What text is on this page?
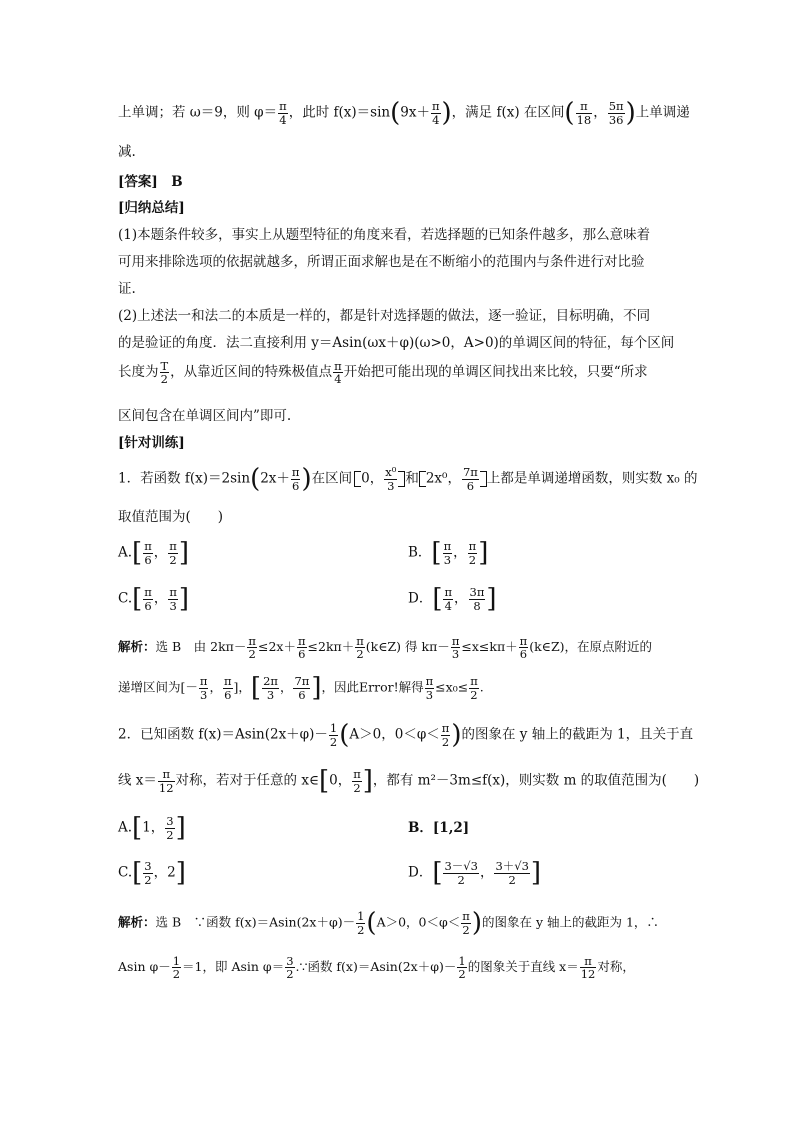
上单调；若 ω＝9，则 $\varphi= \frac{\pi}{4}$ ，此时 $f(x)=\sin(9x+ \frac{\pi}{4}$ )，满足 f(x) 在区间( $\frac{\pi}{18}$ ， $\frac{5\pi}{36}$ )上单调递
减.
[答案]　 B
[归纳总结]
(1)本题条件较多，事实上从题型特征的角度来看，若选择题的已知条件越多，那么意味着
可用来排除选项的依据就越多，所谓正面求解也是在不断缩小的范围内与条件进行对比验
证.
(2)上述法一和法二的本质是一样的，都是针对选择题的做法，逐一验证，目标明确，不同
的是验证的角度．法二直接利用 y＝Asin(ωx＋φ)(ω>0，A>0)的单调区间的特征，每个区间
长度为 $\frac{T}{2}$ ，从靠近区间的特殊极值点 $\frac{\pi}{4}$ 开始把可能出现的单调区间找出来比较，只要“所求
区间包含在单调区间内”即可.
[针对训练]
1．若函数 $f(x)=2\sin(2x+ \frac{\pi}{6}$ )在区间 0， $\frac{\text{x⁰}}{3}$ 和 2x⁰， $\frac{7\pi}{6}$ 上都是单调递增函数，则实数 x₀ 的
取值范围为(　　)
$A.[ \frac{\pi}{6}$ ， $\frac{\pi}{2}$ ]	B．[ $\frac{\pi}{3}$ ， $\frac{\pi}{2}$ ]
$C.[ \frac{\pi}{6}$ ， $\frac{\pi}{3}$ ]	D．[ $\frac{\pi}{4}$ ， $\frac{3\pi}{8}$ ]
解析：选 B　由 $2k\pi- \frac{\pi}{2} \le 2x+ \frac{\pi}{6} \le 2k\pi+ \frac{\pi}{2}$ (k∈Z) 得 $k\pi- \frac{\pi}{3} \le x\le k\pi+ \frac{\pi}{6}$ (k∈Z)，在原点附近的
递增区间为[－ $\frac{\pi}{3}$ ， $\frac{\pi}{6}$ ]，[ $\frac{2\pi}{3}$ ， $\frac{7\pi}{6}$ ]，因此Error!解得 $\frac{\pi}{3} \le x_0\le \frac{\pi}{2}$ .
2．已知函数 $f(x)=Asin(2x+\varphi)- \frac{1}{2} (A>0$，$0<\varphi< \frac{\pi}{2}$ )的图象在 y 轴上的截距为 1，且关于直
线 $x= \frac{\pi}{12}$ 对称，若对于任意的 x∈[0， $\frac{\pi}{2}$ ]，都有 m²－3m≤f(x)，则实数 m 的取值范围为(　　)
A.[1， $\frac{3}{2}$ ]	B．[1,2]
$C.[ \frac{3}{2}$ ，2]	D．[ $\frac{3-√3}{2}$ ， $\frac{3+√3}{2}$ ]
解析：选 B　∵函数 $f(x)=Asin(2x+\varphi)- \frac{1}{2} (A>0$，$0<\varphi< \frac{\pi}{2}$ )的图象在 y 轴上的截距为 1，∴
Asin $\varphi- \frac{1}{2} =1$，即 Asin $\varphi= \frac{3}{2}$ .∵函数 $f(x)=Asin(2x+\varphi)- \frac{1}{2}$ 的图象关于直线 $x= \frac{\pi}{12}$ 对称，
